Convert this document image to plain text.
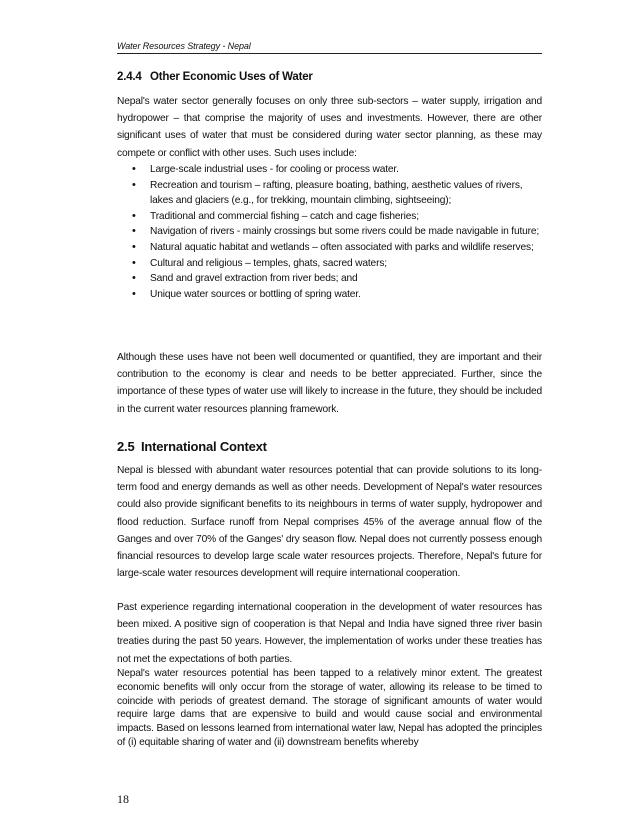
Water Resources Strategy - Nepal
2.4.4 Other Economic Uses of Water

Nepal's water sector generally focuses on only three sub-sectors – water supply, irrigation and hydropower – that comprise the majority of uses and investments. However, there are other significant uses of water that must be considered during water sector planning, as these may compete or conflict with other uses. Such uses include:

• Large-scale industrial uses - for cooling or process water.
• Recreation and tourism – rafting, pleasure boating, bathing, aesthetic values of rivers, lakes and glaciers (e.g., for trekking, mountain climbing, sightseeing);
• Traditional and commercial fishing – catch and cage fisheries;
• Navigation of rivers - mainly crossings but some rivers could be made navigable in future;
• Natural aquatic habitat and wetlands – often associated with parks and wildlife reserves;
• Cultural and religious – temples, ghats, sacred waters;
• Sand and gravel extraction from river beds; and
• Unique water sources or bottling of spring water.

Although these uses have not been well documented or quantified, they are important and their contribution to the economy is clear and needs to be better appreciated. Further, since the importance of these types of water use will likely to increase in the future, they should be included in the current water resources planning framework.

2.5 International Context

Nepal is blessed with abundant water resources potential that can provide solutions to its long-term food and energy demands as well as other needs. Development of Nepal's water resources could also provide significant benefits to its neighbours in terms of water supply, hydropower and flood reduction. Surface runoff from Nepal comprises 45% of the average annual flow of the Ganges and over 70% of the Ganges' dry season flow. Nepal does not currently possess enough financial resources to develop large scale water resources projects. Therefore, Nepal's future for large-scale water resources development will require international cooperation.

Past experience regarding international cooperation in the development of water resources has been mixed. A positive sign of cooperation is that Nepal and India have signed three river basin treaties during the past 50 years. However, the implementation of works under these treaties has not met the expectations of both parties.

Nepal's water resources potential has been tapped to a relatively minor extent. The greatest economic benefits will only occur from the storage of water, allowing its release to be timed to coincide with periods of greatest demand. The storage of significant amounts of water would require large dams that are expensive to build and would cause social and environmental impacts. Based on lessons learned from international water law, Nepal has adopted the principles of (i) equitable sharing of water and (ii) downstream benefits whereby

18
